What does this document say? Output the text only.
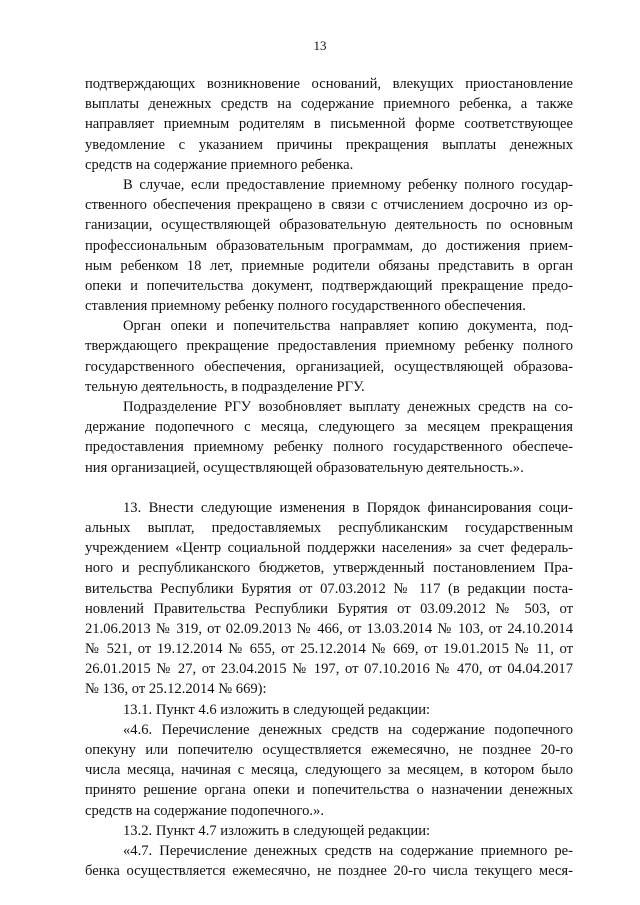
13
подтверждающих возникновение оснований, влекущих приостановление
выплаты денежных средств на содержание приемного ребенка, а также
направляет приемным родителям в письменной форме соответствующее
уведомление с указанием причины прекращения выплаты денежных
средств на содержание приемного ребенка.
В случае, если предоставление приемному ребенку полного государ-
ственного обеспечения прекращено в связи с отчислением досрочно из ор-
ганизации, осуществляющей образовательную деятельность по основным
профессиональным образовательным программам, до достижения прием-
ным ребенком 18 лет, приемные родители обязаны представить в орган
опеки и попечительства документ, подтверждающий прекращение предо-
ставления приемному ребенку полного государственного обеспечения.
Орган опеки и попечительства направляет копию документа, под-
тверждающего прекращение предоставления приемному ребенку полного
государственного обеспечения, организацией, осуществляющей образова-
тельную деятельность, в подразделение РГУ.
Подразделение РГУ возобновляет выплату денежных средств на со-
держание подопечного с месяца, следующего за месяцем прекращения
предоставления приемному ребенку полного государственного обеспече-
ния организацией, осуществляющей образовательную деятельность.».
13. Внести следующие изменения в Порядок финансирования соци-
альных выплат, предоставляемых республиканским государственным
учреждением «Центр социальной поддержки населения» за счет федераль-
ного и республиканского бюджетов, утвержденный постановлением Пра-
вительства Республики Бурятия от 07.03.2012 № 117 (в редакции поста-
новлений Правительства Республики Бурятия от 03.09.2012 № 503, от
21.06.2013 № 319, от 02.09.2013 № 466, от 13.03.2014 № 103, от 24.10.2014
№ 521, от 19.12.2014 № 655, от 25.12.2014 № 669, от 19.01.2015 № 11, от
26.01.2015 № 27, от 23.04.2015 № 197, от 07.10.2016 № 470, от 04.04.2017
№ 136, от 25.12.2014 № 669):
13.1. Пункт 4.6 изложить в следующей редакции:
«4.6. Перечисление денежных средств на содержание подопечного
опекуну или попечителю осуществляется ежемесячно, не позднее 20-го
числа месяца, начиная с месяца, следующего за месяцем, в котором было
принято решение органа опеки и попечительства о назначении денежных
средств на содержание подопечного.».
13.2. Пункт 4.7 изложить в следующей редакции:
«4.7. Перечисление денежных средств на содержание приемного ре-
бенка осуществляется ежемесячно, не позднее 20-го числа текущего меся-
